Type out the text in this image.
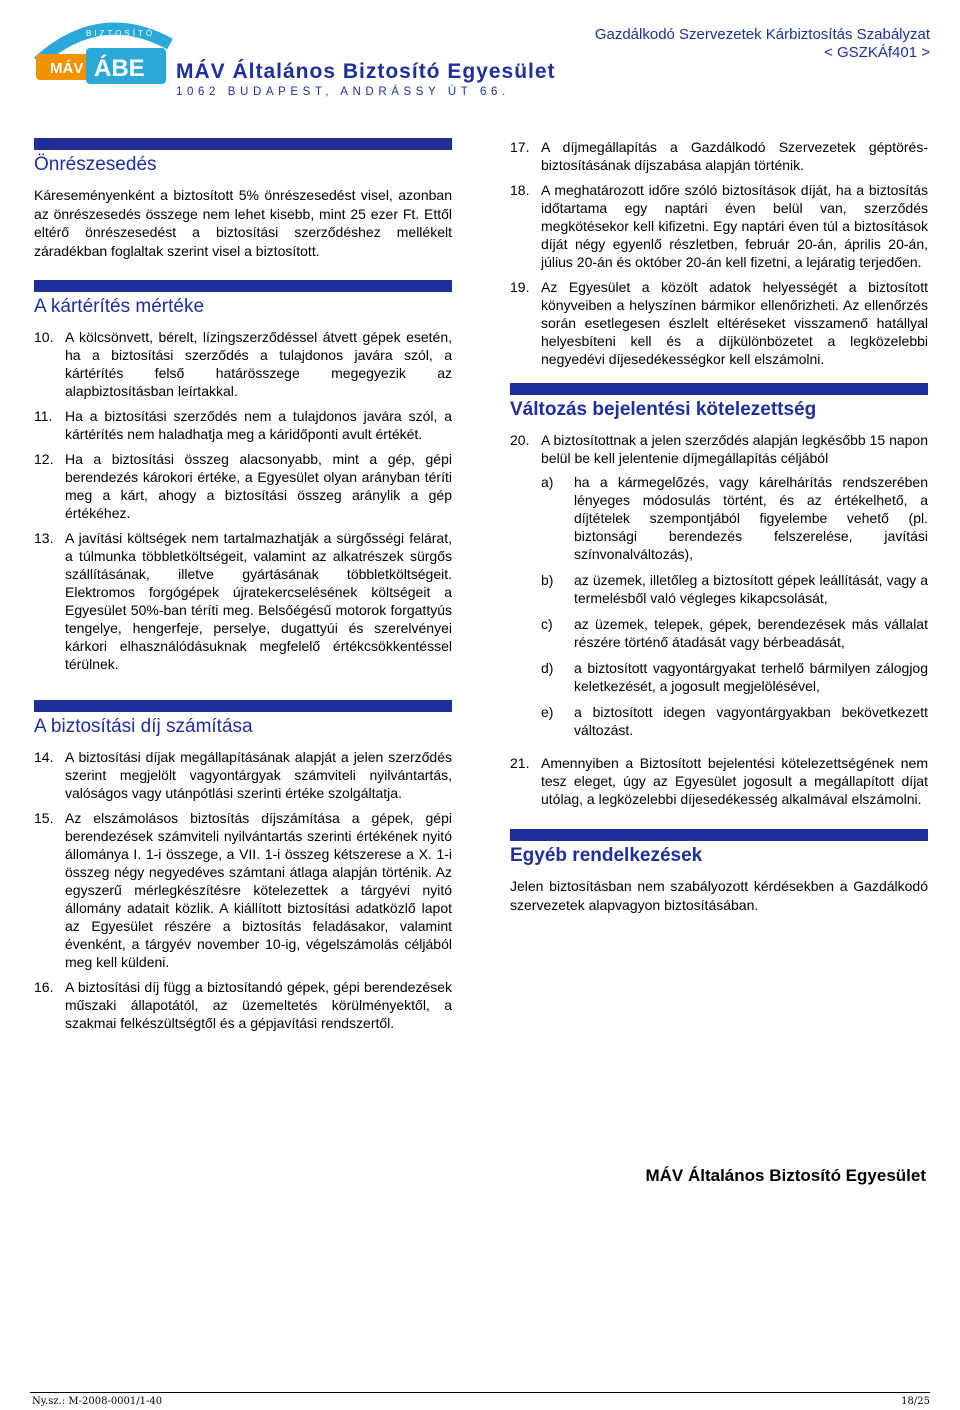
MÁV ÁBE
BIZTOSÍTÓ
MÁV Általános Biztosító Egyesület
1062 BUDAPEST, ANDRÁSSY ÚT 66.
Gazdálkodó Szervezetek Kárbiztosítás Szabályzat
< GSZKÁf401 >
Önrészesedés

Káreseményenként a biztosított 5% önrészesedést visel, azonban az önrészesedés összege nem lehet kisebb, mint 25 ezer Ft. Ettől eltérő önrészesedést a biztosítási szerződéshez mellékelt záradékban foglaltak szerint visel a biztosított.

A kártérítés mértéke
10. A kölcsönvett, bérelt, lízingszerződéssel átvett gépek esetén, ha a biztosítási szerződés a tulajdonos javára szól, a kártérítés felső határösszege megegyezik az alapbiztosításban leírtakkal.
11. Ha a biztosítási szerződés nem a tulajdonos javára szól, a kártérítés nem haladhatja meg a káridőponti avult értékét.
12. Ha a biztosítási összeg alacsonyabb, mint a gép, gépi berendezés károkori értéke, a Egyesület olyan arányban téríti meg a kárt, ahogy a biztosítási összeg aránylik a gép értékéhez.
13. A javítási költségek nem tartalmazhatják a sürgősségi felárat, a túlmunka többletköltségeit, valamint az alkatrészek sürgős szállításának, illetve gyártásának többletköltségeit. Elektromos forgógépek újratekercselésének költségeit a Egyesület 50%-ban téríti meg. Belsőégésű motorok forgattyús tengelye, hengerfeje, perselye, dugattyúi és szerelvényei kárkori elhasználódásuknak megfelelő értékcsökkentéssel térülnek.
A biztosítási díj számítása
14. A biztosítási díjak megállapításának alapját a jelen szerződés szerint megjelölt vagyontárgyak számviteli nyilvántartás, valóságos vagy utánpótlási szerinti értéke szolgáltatja.
15. Az elszámolásos biztosítás díjszámítása a gépek, gépi berendezések számviteli nyilvántartás szerinti értékének nyitó állománya I. 1-i összege, a VII. 1-i összeg kétszerese a X. 1-i összeg négy negyedéves számtani átlaga alapján történik. Az egyszerű mérlegkészítésre kötelezettek a tárgyévi nyitó állomány adatait közlik. A kiállított biztosítási adatközlő lapot az Egyesület részére a biztosítás feladásakor, valamint évenként, a tárgyév november 10-ig, végelszámolás céljából meg kell küldeni.
16. A biztosítási díj függ a biztosítandó gépek, gépi berendezések műszaki állapotától, az üzemeltetés körülményektől, a szakmai felkészültségtől és a gépjavítási rendszertől.
17. A díjmegállapítás a Gazdálkodó Szervezetek géptörés-biztosításának díjszabása alapján történik.
18. A meghatározott időre szóló biztosítások díját, ha a biztosítás időtartama egy naptári éven belül van, szerződés megkötésekor kell kifizetni. Egy naptári éven túl a biztosítások díját négy egyenlő részletben, február 20-án, április 20-án, július 20-án és október 20-án kell fizetni, a lejáratig terjedően.
19. Az Egyesület a közölt adatok helyességét a biztosított könyveiben a helyszínen bármikor ellenőrizheti. Az ellenőrzés során esetlegesen észlelt eltéréseket visszamenő hatállyal helyesbíteni kell és a díjkülönbözetet a legközelebbi negyedévi díjesedékességkor kell elszámolni.
Változás bejelentési kötelezettség
20. A biztosítottnak a jelen szerződés alapján legkésőbb 15 napon belül be kell jelentenie díjmegállapítás céljából
a)	ha a kármegelőzés, vagy kárelhárítás rendszerében lényeges módosulás történt, és az értékelhető, a díjtételek szempontjából figyelembe vehető (pl. biztonsági berendezés felszerelése, javítási színvonalváltozás),
b)	az üzemek, illetőleg a biztosított gépek leállítását, vagy a termelésből való végleges kikapcsolását,
c)	az üzemek, telepek, gépek, berendezések más vállalat részére történő átadását vagy bérbeadását,
d)	a biztosított vagyontárgyakat terhelő bármilyen zálogjog keletkezését, a jogosult megjelölésével,
e)	a biztosított idegen vagyontárgyakban bekövetkezett változást.
21. Amennyiben a Biztosított bejelentési kötelezettségének nem tesz eleget, úgy az Egyesület jogosult a megállapított díjat utólag, a legközelebbi díjesedékesség alkalmával elszámolni.
Egyéb rendelkezések

Jelen biztosításban nem szabályozott kérdésekben a Gazdálkodó szervezetek alapvagyon biztosításában.

MÁV Általános Biztosító Egyesület
Ny.sz.: M-2008-0001/1-40	18/25
